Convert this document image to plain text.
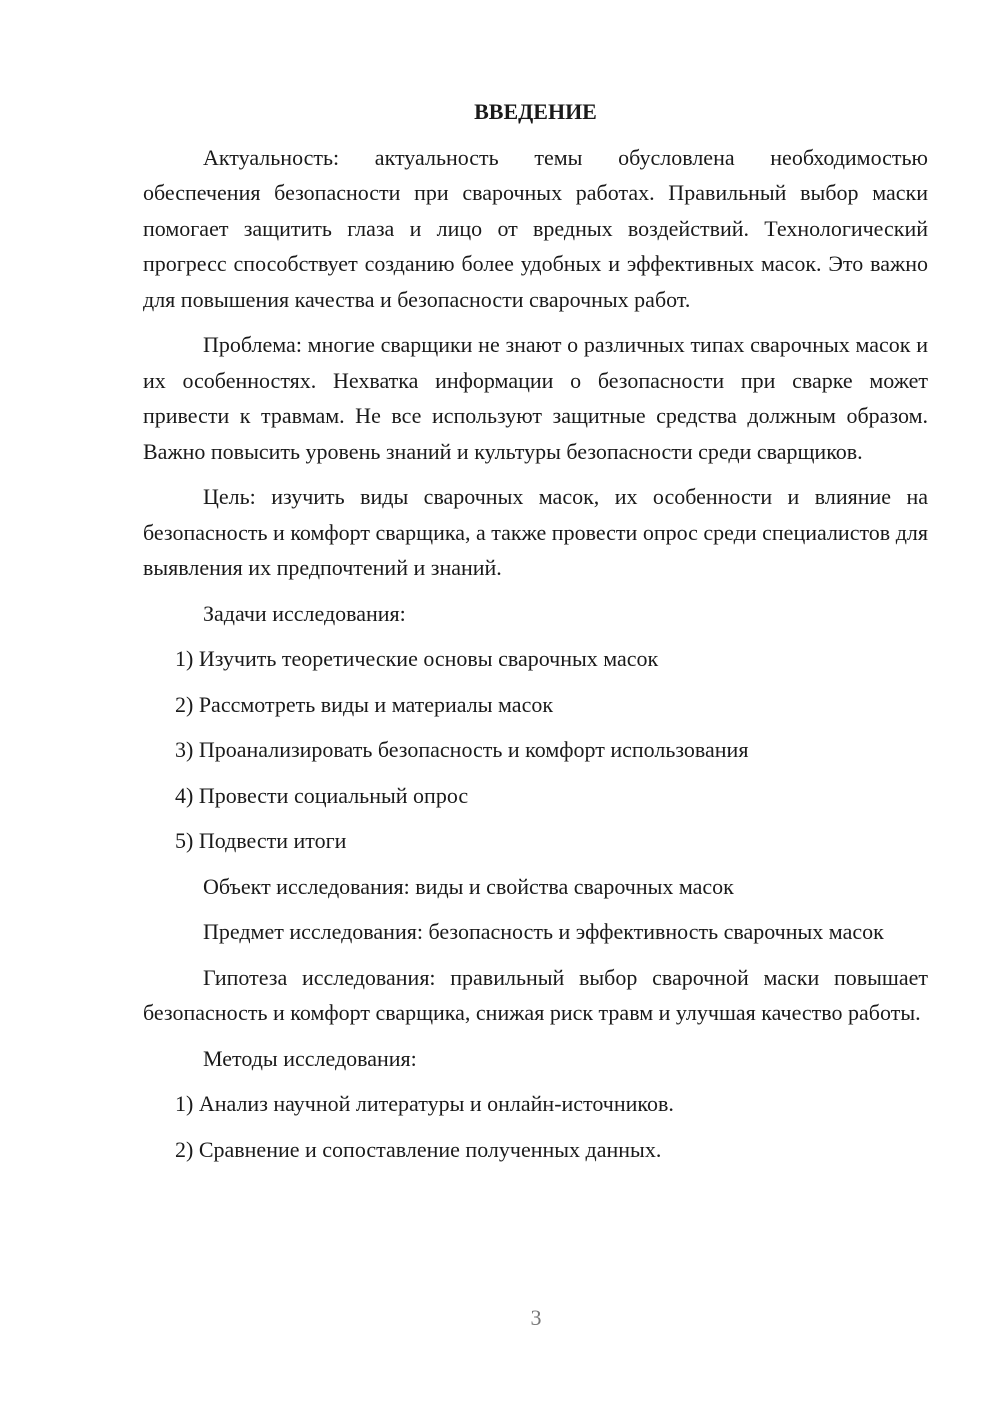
ВВЕДЕНИЕ

Актуальность: актуальность темы обусловлена необходимостью обеспечения безопасности при сварочных работах. Правильный выбор маски помогает защитить глаза и лицо от вредных воздействий. Технологический прогресс способствует созданию более удобных и эффективных масок. Это важно для повышения качества и безопасности сварочных работ.

Проблема: многие сварщики не знают о различных типах сварочных масок и их особенностях. Нехватка информации о безопасности при сварке может привести к травмам. Не все используют защитные средства должным образом. Важно повысить уровень знаний и культуры безопасности среди сварщиков.

Цель: изучить виды сварочных масок, их особенности и влияние на безопасность и комфорт сварщика, а также провести опрос среди специалистов для выявления их предпочтений и знаний.

Задачи исследования:

1) Изучить теоретические основы сварочных масок
2) Рассмотреть виды и материалы масок
3) Проанализировать безопасность и комфорт использования
4) Провести социальный опрос
5) Подвести итоги

Объект исследования: виды и свойства сварочных масок

Предмет исследования: безопасность и эффективность сварочных масок

Гипотеза исследования: правильный выбор сварочной маски повышает безопасность и комфорт сварщика, снижая риск травм и улучшая качество работы.

Методы исследования:

1) Анализ научной литературы и онлайн-источников.
2) Сравнение и сопоставление полученных данных.
3
